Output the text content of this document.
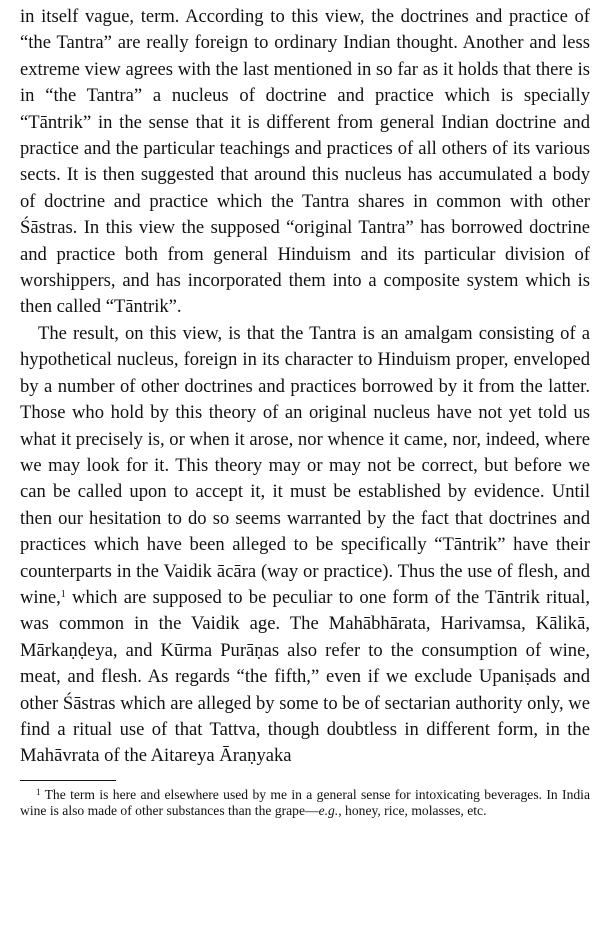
in itself vague, term. According to this view, the doctrines and practice of “the Tantra” are really foreign to ordinary Indian thought. Another and less extreme view agrees with the last mentioned in so far as it holds that there is in “the Tantra” a nucleus of doctrine and practice which is specially “Tāntrik” in the sense that it is different from general Indian doctrine and practice and the particular teachings and practices of all others of its various sects. It is then suggested that around this nucleus has accumulated a body of doctrine and practice which the Tantra shares in common with other Śāstras. In this view the supposed “original Tantra” has borrowed doctrine and practice both from general Hinduism and its particular division of worshippers, and has incorporated them into a composite system which is then called “Tāntrik”.

The result, on this view, is that the Tantra is an amalgam consisting of a hypothetical nucleus, foreign in its character to Hinduism proper, enveloped by a number of other doctrines and practices borrowed by it from the latter. Those who hold by this theory of an original nucleus have not yet told us what it precisely is, or when it arose, nor whence it came, nor, indeed, where we may look for it. This theory may or may not be correct, but before we can be called upon to accept it, it must be established by evidence. Until then our hesitation to do so seems warranted by the fact that doctrines and practices which have been alleged to be specifically “Tāntrik” have their counterparts in the Vaidik ācāra (way or practice). Thus the use of flesh, and wine,$^1$ which are supposed to be peculiar to one form of the Tāntrik ritual, was common in the Vaidik age. The Mahābhārata, Harivamsa, Kālikā, Mārkaṇḍeya, and Kūrma Purāṇas also refer to the consumption of wine, meat, and flesh. As regards “the fifth,” even if we exclude Upaniṣads and other Śāstras which are alleged by some to be of sectarian authority only, we find a ritual use of that Tattva, though doubtless in different form, in the Mahāvrata of the Aitareya Āraṇyaka

$^1$ The term is here and elsewhere used by me in a general sense for intoxicating beverages. In India wine is also made of other substances than the grape—e.g., honey, rice, molasses, etc.
